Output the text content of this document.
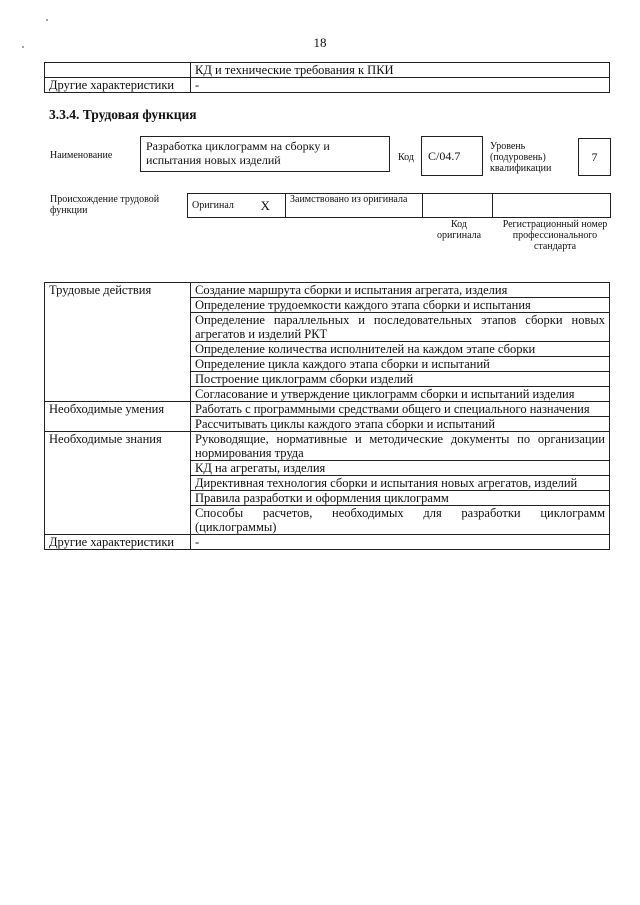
18
	КД и технические требования к ПКИ
Другие характеристики	-
3.3.4. Трудовая функция
Наименование
Разработка циклограмм на сборку и испытания новых изделий	Код	C/04.7
Уровень (подуровень) квалификации
7
Происхождение трудовой функции	Оригинал	X	Заимствовано из оригинала		
Код оригинала
Регистрационный номер профессионального стандарта
Трудовые действия	Создание маршрута сборки и испытания агрегата, изделия
	Определение трудоемкости каждого этапа сборки и испытания
	Определение параллельных и последовательных этапов сборки новых агрегатов и изделий РКТ
	Определение количества исполнителей на каждом этапе сборки
	Определение цикла каждого этапа сборки и испытаний
	Построение циклограмм сборки изделий
	Согласование и утверждение циклограмм сборки и испытаний изделия
Необходимые умения	Работать с программными средствами общего и специального назначения
	Рассчитывать циклы каждого этапа сборки и испытаний
Необходимые знания	Руководящие, нормативные и методические документы по организации нормирования труда
	КД на агрегаты, изделия
	Директивная технология сборки и испытания новых агрегатов, изделий
	Правила разработки и оформления циклограмм
	Способы расчетов, необходимых для разработки циклограмм (циклограммы)
Другие характеристики	-
